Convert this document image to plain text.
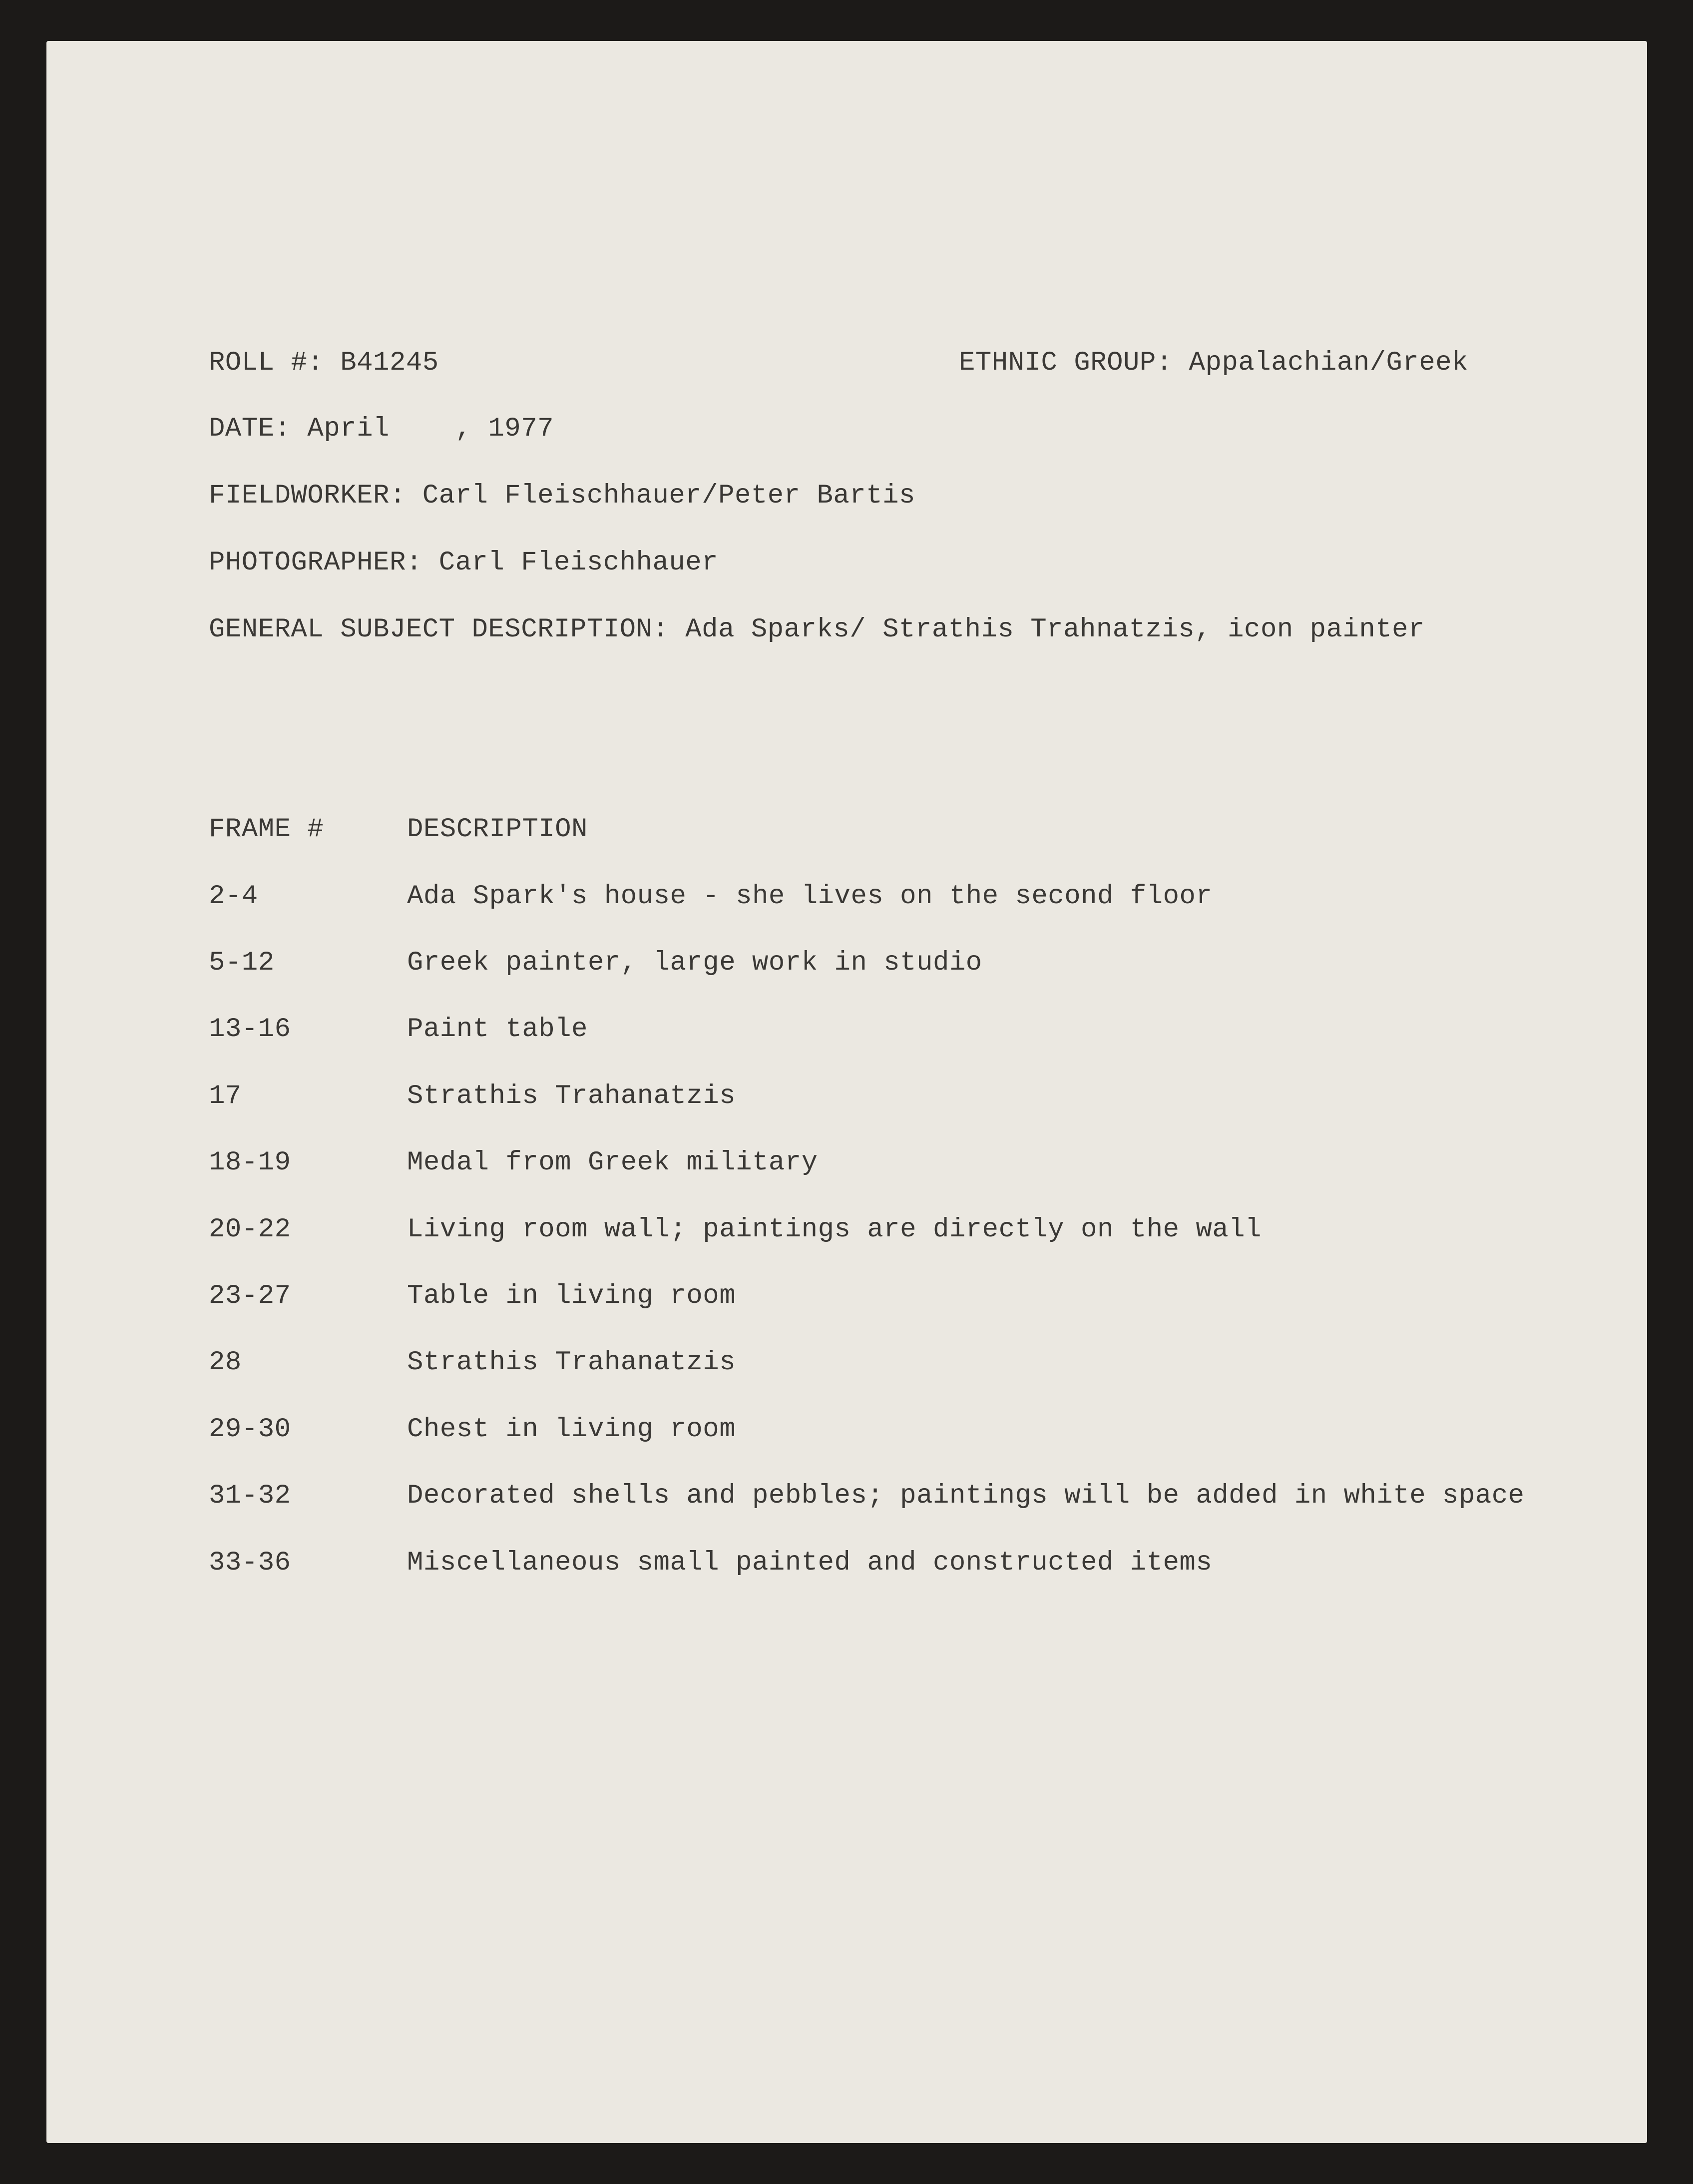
ROLL #: B41245	ETHNIC GROUP: Appalachian/Greek
DATE: April    , 1977
FIELDWORKER: Carl Fleischhauer/Peter Bartis
PHOTOGRAPHER: Carl Fleischhauer
GENERAL SUBJECT DESCRIPTION: Ada Sparks/ Strathis Trahnatzis, icon painter
FRAME #	DESCRIPTION
2-4	Ada Spark's house - she lives on the second floor
5-12	Greek painter, large work in studio
13-16	Paint table
17	Strathis Trahanatzis
18-19	Medal from Greek military
20-22	Living room wall; paintings are directly on the wall
23-27	Table in living room
28	Strathis Trahanatzis
29-30	Chest in living room
31-32	Decorated shells and pebbles; paintings will be added in white space
33-36	Miscellaneous small painted and constructed items
